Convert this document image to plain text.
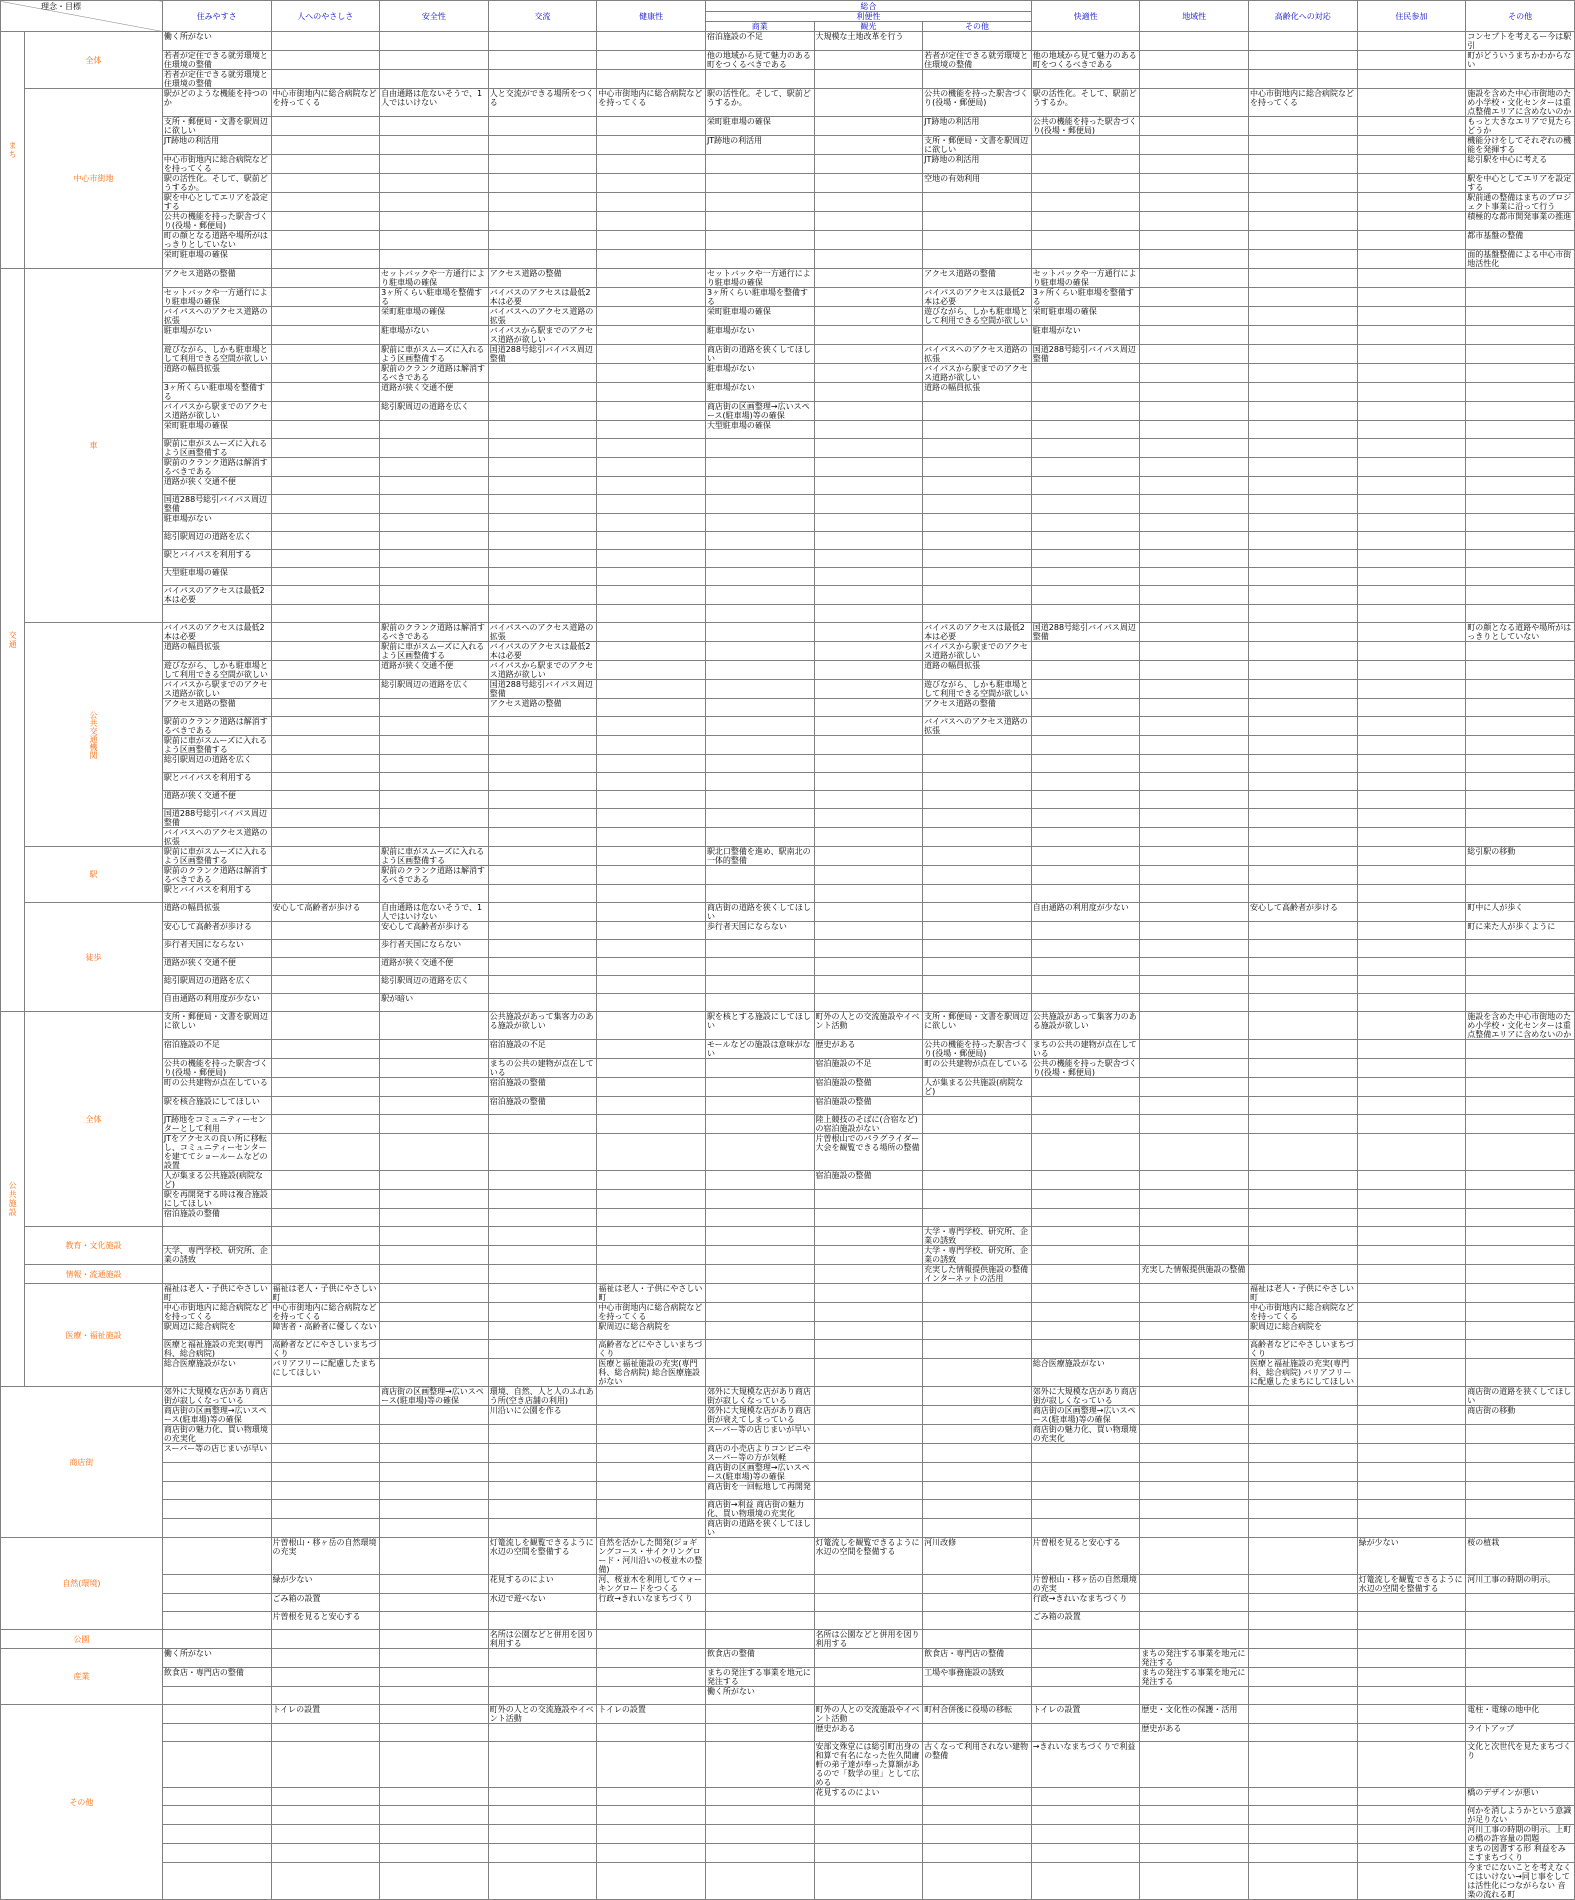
理念・目標		住みやすさ	人へのやさしさ	安全性	交流	健康性	総合			快適性	地域性	高齢化への対応	住民参加	その他
							利便性							
							商業	観光	その他					
まち	全体	働く所がない					宿泊施設の不足	大規模な土地改革を行う						コンセプトを考えるー今は駅引
		若者が定住できる就労環境と住環境の整備					他の地域から見て魅力のある町をつくるべきである		若者が定住できる就労環境と住環境の整備	他の地域から見て魅力のある町をつくるべきである				町がどういうまちかわからない
		若者が定住できる就労環境と住環境の整備												
	中心市街地	駅がどのような機能を持つのか	中心市街地内に総合病院などを持ってくる	自由通路は危ないそうで、1人ではいけない	人と交流ができる場所をつくる	中心市街地内に総合病院などを持ってくる	駅の活性化。そして、駅前どうするか。		公共の機能を持った駅舎づくり(役場・郵便局)	駅の活性化。そして、駅前どうするか。		中心市街地内に総合病院などを持ってくる		施設を含めた中心市街地のため小学校・文化センターは重点整備エリアに含めないのか
		支所・郵便局・文書を駅周辺に欲しい					栄町駐車場の確保		JT跡地の利活用	公共の機能を持った駅舎づくり(役場・郵便局)				もっと大きなエリアで見たらどうか
		JT跡地の利活用					JT跡地の利活用		支所・郵便局・文書を駅周辺に欲しい					機能分けをしてそれぞれの機能を発揮する
		中心市街地内に総合病院などを持ってくる							JT跡地の利活用					総引駅を中心に考える
		駅の活性化。そして、駅前どうするか。							空地の有効利用					駅を中心としてエリアを設定する
		駅を中心としてエリアを設定する												駅前通の整備はまちのプロジェクト事業に沿って行う
		公共の機能を持った駅舎づくり(役場・郵便局)												積極的な都市開発事業の推進
		町の顔となる道路や場所がはっきりとしていない												都市基盤の整備
		栄町駐車場の確保												面的基盤整備による中心市街地活性化
交通	車	アクセス道路の整備		セットバックや一方通行により駐車場の確保	アクセス道路の整備		セットバックや一方通行により駐車場の確保		アクセス道路の整備	セットバックや一方通行により駐車場の確保				
		セットバックや一方通行により駐車場の確保		3ヶ所くらい駐車場を整備する	バイパスのアクセスは最低2本は必要		3ヶ所くらい駐車場を整備する		バイパスのアクセスは最低2本は必要	3ヶ所くらい駐車場を整備する				
		バイパスへのアクセス道路の拡張		栄町駐車場の確保	バイパスへのアクセス道路の拡張		栄町駐車場の確保		遊びながら、しかも駐車場として利用できる空間が欲しい	栄町駐車場の確保				
		駐車場がない		駐車場がない	バイパスから駅までのアクセス道路が欲しい		駐車場がない			駐車場がない				
		遊びながら、しかも駐車場として利用できる空間が欲しい		駅前に車がスムーズに入れるよう区画整備する	国道288号総引バイパス周辺整備		商店街の道路を狭くしてほしい		バイパスへのアクセス道路の拡張	国道288号総引バイパス周辺整備				
		道路の幅員拡張		駅前のクランク道路は解消するべきである			駐車場がない		バイパスから駅までのアクセス道路が欲しい					
		3ヶ所くらい駐車場を整備する		道路が狭く交通不便			駐車場がない		道路の幅員拡張					
		バイパスから駅までのアクセス道路が欲しい		総引駅周辺の道路を広く			商店街の区画整理→広いスペース(駐車場)等の確保							
		栄町駐車場の確保					大型駐車場の確保							
		駅前に車がスムーズに入れるよう区画整備する												
		駅前のクランク道路は解消するべきである												
		道路が狭く交通不便												
		国道288号総引バイパス周辺整備												
		駐車場がない												
		総引駅周辺の道路を広く												
		駅とバイパスを利用する												
		大型駐車場の確保												
		バイパスのアクセスは最低2本は必要												

	公共交通機関	バイパスのアクセスは最低2本は必要		駅前のクランク道路は解消するべきである	バイパスへのアクセス道路の拡張				バイパスのアクセスは最低2本は必要	国道288号総引バイパス周辺整備				町の顔となる道路や場所がはっきりとしていない
		道路の幅員拡張		駅前に車がスムーズに入れるよう区画整備する	バイパスのアクセスは最低2本は必要				バイパスから駅までのアクセス道路が欲しい					
		遊びながら、しかも駐車場として利用できる空間が欲しい		道路が狭く交通不便	バイパスから駅までのアクセス道路が欲しい				道路の幅員拡張					
		バイパスから駅までのアクセス道路が欲しい		総引駅周辺の道路を広く	国道288号総引バイパス周辺整備				遊びながら、しかも駐車場として利用できる空間が欲しい					
		アクセス道路の整備			アクセス道路の整備				アクセス道路の整備					
		駅前のクランク道路は解消するべきである							バイパスへのアクセス道路の拡張					
		駅前に車がスムーズに入れるよう区画整備する												
		総引駅周辺の道路を広く												
		駅とバイパスを利用する												
		道路が狭く交通不便												
		国道288号総引バイパス周辺整備												
		バイパスへのアクセス道路の拡張												
	駅	駅前に車がスムーズに入れるよう区画整備する		駅前に車がスムーズに入れるよう区画整備する			駅北口整備を進め、駅南北の一体的整備							総引駅の移動
		駅前のクランク道路は解消するべきである		駅前のクランク道路は解消するべきである										
		駅とバイパスを利用する												
	徒歩	道路の幅員拡張	安心して高齢者が歩ける	自由通路は危ないそうで、1人ではいけない			商店街の道路を狭くしてほしい			自由通路の利用度が少ない		安心して高齢者が歩ける		町中に人が歩く
		安心して高齢者が歩ける		安心して高齢者が歩ける			歩行者天国にならない							町に来た人が歩くように
		歩行者天国にならない		歩行者天国にならない										
		道路が狭く交通不便		道路が狭く交通不便										
		総引駅周辺の道路を広く		総引駅周辺の道路を広く										
		自由通路の利用度が少ない		駅が暗い										
公共施設	全体	支所・郵便局・文書を駅周辺に欲しい			公共施設があって集客力のある施設が欲しい		駅を核とする施設にしてほしい	町外の人との交流施設やイベント活動	支所・郵便局・文書を駅周辺に欲しい	公共施設があって集客力のある施設が欲しい				施設を含めた中心市街地のため小学校・文化センターは重点整備エリアに含めないのか
		宿泊施設の不足			宿泊施設の不足		モールなどの施設は意味がない	歴史がある	公共の機能を持った駅舎づくり(役場・郵便局)	まちの公共の建物が点在している				
		公共の機能を持った駅舎づくり(役場・郵便局)			まちの公共の建物が点在している			宿泊施設の不足	町の公共建物が点在している	公共の機能を持った駅舎づくり(役場・郵便局)				
		町の公共建物が点在している			宿泊施設の整備			宿泊施設の整備	人が集まる公共施設(病院など)					
		駅を核合施設にしてほしい			宿泊施設の整備			宿泊施設の整備						
		JT跡地をコミュニティーセンターとして利用						陸上競技のそばに(合宿など)の宿泊施設がない						
		JTをアクセスの良い所に移転し、コミュニティーセンターを建ててショールームなどの設置						片曽根山でのパラグライダー大会を観覧できる場所の整備						
		人が集まる公共施設(病院など)						宿泊施設の整備						
		駅を再開発する時は複合施設にしてほしい												
		宿泊施設の整備												
	教育・文化施設								大学・専門学校、研究所、企業の誘致					
		大学、専門学校、研究所、企業の誘致							大学・専門学校、研究所、企業の誘致					
	情報・流通施設								充実した情報提供施設の整備 インターネットの活用		充実した情報提供施設の整備			
	医療・福祉施設	福祉は老人・子供にやさしい町	福祉は老人・子供にやさしい町			福祉は老人・子供にやさしい町						福祉は老人・子供にやさしい町		
		中心市街地内に総合病院などを持ってくる	中心市街地内に総合病院などを持ってくる			中心市街地内に総合病院などを持ってくる						中心市街地内に総合病院などを持ってくる		
		駅周辺に総合病院を	障害者・高齢者に優しくない			駅周辺に総合病院を						駅周辺に総合病院を		
		医療と福祉施設の充実(専門科、総合病院)	高齢者などにやさしいまちづくり			高齢者などにやさしいまちづくり						高齢者などにやさしいまちづくり		
		総合医療施設がない	バリアフリーに配慮したまちにしてほしい			医療と福祉施設の充実(専門科、総合病院) 総合医療施設がない				総合医療施設がない		医療と福祉施設の充実(専門科、総合病院) バリアフリーに配慮したまちにしてほしい		
商店街		郊外に大規模な店があり商店街が寂しくなっている		商店街の区画整理→広いスペース(駐車場)等の確保	環境、自然、人と人のふれあう所(空き店舗の利用)		郊外に大規模な店があり商店街が寂しくなっている			郊外に大規模な店があり商店街が寂しくなっている				商店街の道路を狭くしてほしい
		商店街の区画整理→広いスペース(駐車場)等の確保			川沿いに公園を作る		郊外に大規模な店があり商店街が衰えてしまっている			商店街の区画整理→広いスペース(駐車場)等の確保				商店街の移動
		商店街の魅力化、買い物環境の充実化					スーパー等の店じまいが早い			商店街の魅力化、買い物環境の充実化				
		スーパー等の店じまいが早い					商店の小売店よりコンビニやスーパー等の方が気軽							
							商店街の区画整理→広いスペース(駐車場)等の確保							
							商店街を一回転地して再開発							
							商店街→利益 商店街の魅力化、買い物環境の充実化							
							商店街の道路を狭くしてほしい							
自然(環境)			片曽根山・移ヶ岳の自然環境の充実		灯篭流しを観覧できるように水辺の空間を整備する	自然を活かした開発(ジョギングコース・サイクリングロード・河川沿いの桜並木の整備)		灯篭流しを観覧できるように水辺の空間を整備する	河川改修	片曽根を見ると安心する			緑が少ない	桜の植栽
			緑が少ない		花見するのによい	河、桜並木を利用してウォーキングロードをつくる				片曽根山・移ヶ岳の自然環境の充実			灯篭流しを観覧できるように水辺の空間を整備する	河川工事の時期の明示。
			ごみ箱の設置		水辺で遊べない	行政→きれいなまちづくり				行政→きれいなまちづくり				
			片曽根を見ると安心する							ごみ箱の設置				
公園					名所は公園などと併用を図り利用する			名所は公園などと併用を図り利用する						
産業		働く所がない					飲食店の整備		飲食店・専門店の整備		まちの発注する事業を地元に発注する			
		飲食店・専門店の整備					まちの発注する事業を地元に発注する		工場や事務施設の誘致		まちの発注する事業を地元に発注する			
							働く所がない							
その他			トイレの設置		町外の人との交流施設やイベント活動	トイレの設置		町外の人との交流施設やイベント活動	町村合併後に役場の移転	トイレの設置	歴史・文化性の保護・活用			電柱・電線の地中化
								歴史がある			歴史がある			ライトアップ
								安部文殊堂には総引町出身の和算で有名になった佐久間庸軒の弟子達が奉った算額があるので「数学の里」として広める	古くなって利用されない建物の整備	→きれいなまちづくりで利益				文化と次世代を見たまちづくり
								花見するのによい						橋のデザインが悪い
														何かを消しようかという意識が足りない
														河川工事の時期の明示。上町の橋の許容量の問題
														まちの図書する形 利益をみこすまちづくり
														今までにないことを考えなくてはいけない→同じ事をしては活性化につながらない 音楽の流れる町
